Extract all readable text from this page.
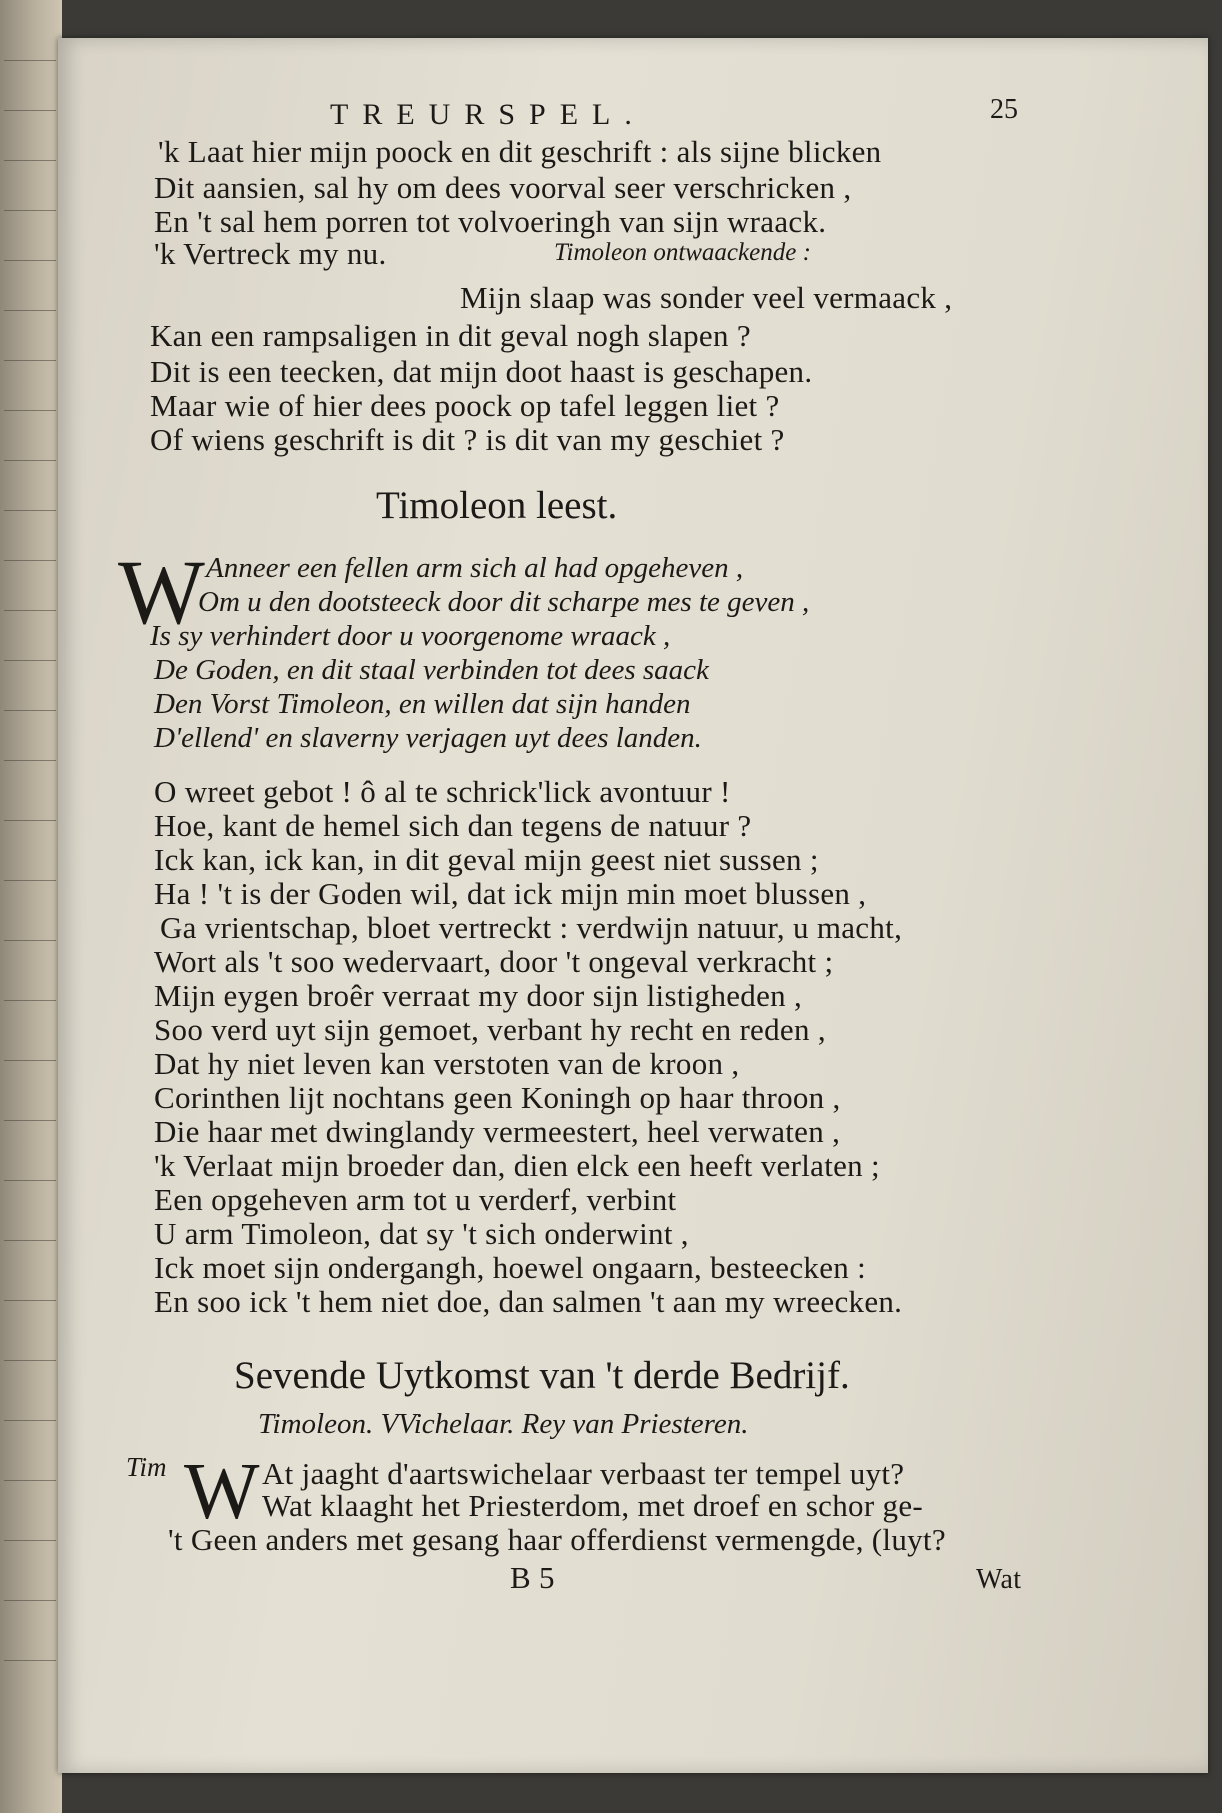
TREURSPEL.	25
'k Laat hier mijn poock en dit geschrift : als sijne blicken
Dit aansien, sal hy om dees voorval seer verschricken ,
En 't sal hem porren tot volvoeringh van sijn wraack.
'k Vertreck my nu.	Timoleon ontwaackende :
Mijn slaap was sonder veel vermaack ,
Kan een rampsaligen in dit geval nogh slapen ?
Dit is een teecken, dat mijn doot haast is geschapen.
Maar wie of hier dees poock op tafel leggen liet ?
Of wiens geschrift is dit ? is dit van my geschiet ?
Timoleon leest.
W Anneer een fellen arm sich al had opgeheven ,
Om u den dootsteeck door dit scharpe mes te geven ,
Is sy verhindert door u voorgenome wraack ,
De Goden, en dit staal verbinden tot dees saack
Den Vorst Timoleon, en willen dat sijn handen
D'ellend' en slaverny verjagen uyt dees landen.
O wreet gebot ! ô al te schrick'lick avontuur !
Hoe, kant de hemel sich dan tegens de natuur ?
Ick kan, ick kan, in dit geval mijn geest niet sussen ;
Ha ! 't is der Goden wil, dat ick mijn min moet blussen ,
Ga vrientschap, bloet vertreckt : verdwijn natuur, u macht,
Wort als 't soo wedervaart, door 't ongeval verkracht ;
Mijn eygen broêr verraat my door sijn listigheden ,
Soo verd uyt sijn gemoet, verbant hy recht en reden ,
Dat hy niet leven kan verstoten van de kroon ,
Corinthen lijt nochtans geen Koningh op haar throon ,
Die haar met dwinglandy vermeestert, heel verwaten ,
'k Verlaat mijn broeder dan, dien elck een heeft verlaten ;
Een opgeheven arm tot u verderf, verbint
U arm Timoleon, dat sy 't sich onderwint ,
Ick moet sijn ondergangh, hoewel ongaarn, besteecken :
En soo ick 't hem niet doe, dan salmen 't aan my wreecken.
Sevende Uytkomst van 't derde Bedrijf.
Timoleon. VVichelaar. Rey van Priesteren.
Tim W At jaaght d'aartswichelaar verbaast ter tempel uyt?
Wat klaaght het Priesterdom, met droef en schor ge-
't Geen anders met gesang haar offerdienst vermengde, (luyt?
B 5	Wat
